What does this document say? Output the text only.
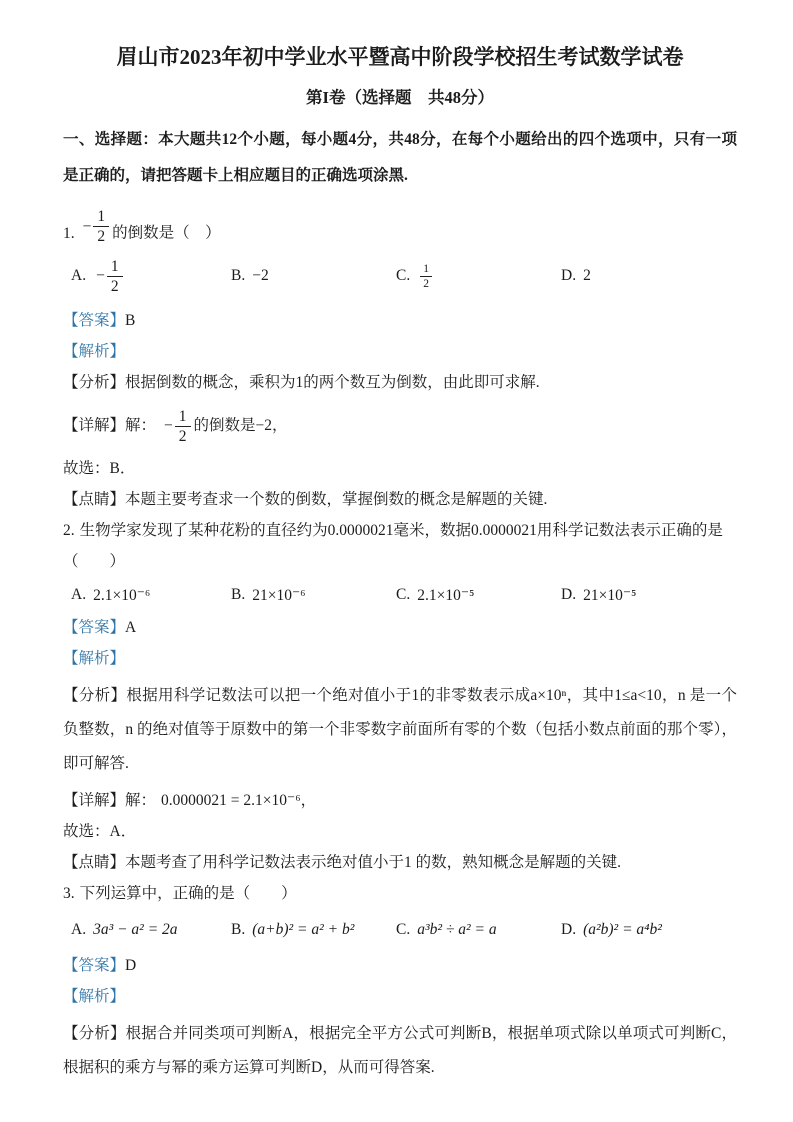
眉山市2023年初中学业水平暨高中阶段学校招生考试数学试卷
第I卷（选择题　共48分）

一、选择题：本大题共12个小题，每小题4分，共48分，在每个小题给出的四个选项中，只有一项是正确的，请把答题卡上相应题目的正确选项涂黑.

1. − $\frac{1}{2}$ 的倒数是（　）
A. − $\frac{1}{2}$	B. −2	C. $\frac{1}{2}$	D. 2

【答案】B

【解析】

【分析】根据倒数的概念，乘积为1的两个数互为倒数，由此即可求解.

【详解】 解： − $\frac{1}{2}$ 的倒数是−2，

故选：B．

【点睛】本题主要考查求一个数的倒数，掌握倒数的概念是解题的关键.

2. 生物学家发现了某种花粉的直径约为0.0000021毫米，数据0.0000021用科学记数法表示正确的是

（　　）

A. 2.1×10⁻⁶	B. 21×10⁻⁶	C. 2.1×10⁻⁵	D. 21×10⁻⁵

【答案】A

【解析】

【分析】根据用科学记数法可以把一个绝对值小于1的非零数表示成a×10ⁿ，其中1≤a<10，n 是一个负整数，n 的绝对值等于原数中的第一个非零数字前面所有零的个数（包括小数点前面的那个零），即可解答.

【详解】解： 0.0000021 = 2.1×10⁻⁶，

故选：A．

【点睛】本题考查了用科学记数法表示绝对值小于1 的数，熟知概念是解题的关键.

3. 下列运算中，正确的是（　　）

A. 3a³ − a² = 2a	B. (a+b)² = a² + b²	C. a³b² ÷ a² = a	D. (a²b)² = a⁴b²

【答案】D

【解析】

【分析】根据合并同类项可判断A，根据完全平方公式可判断B，根据单项式除以单项式可判断C，根据积的乘方与幂的乘方运算可判断D，从而可得答案.
